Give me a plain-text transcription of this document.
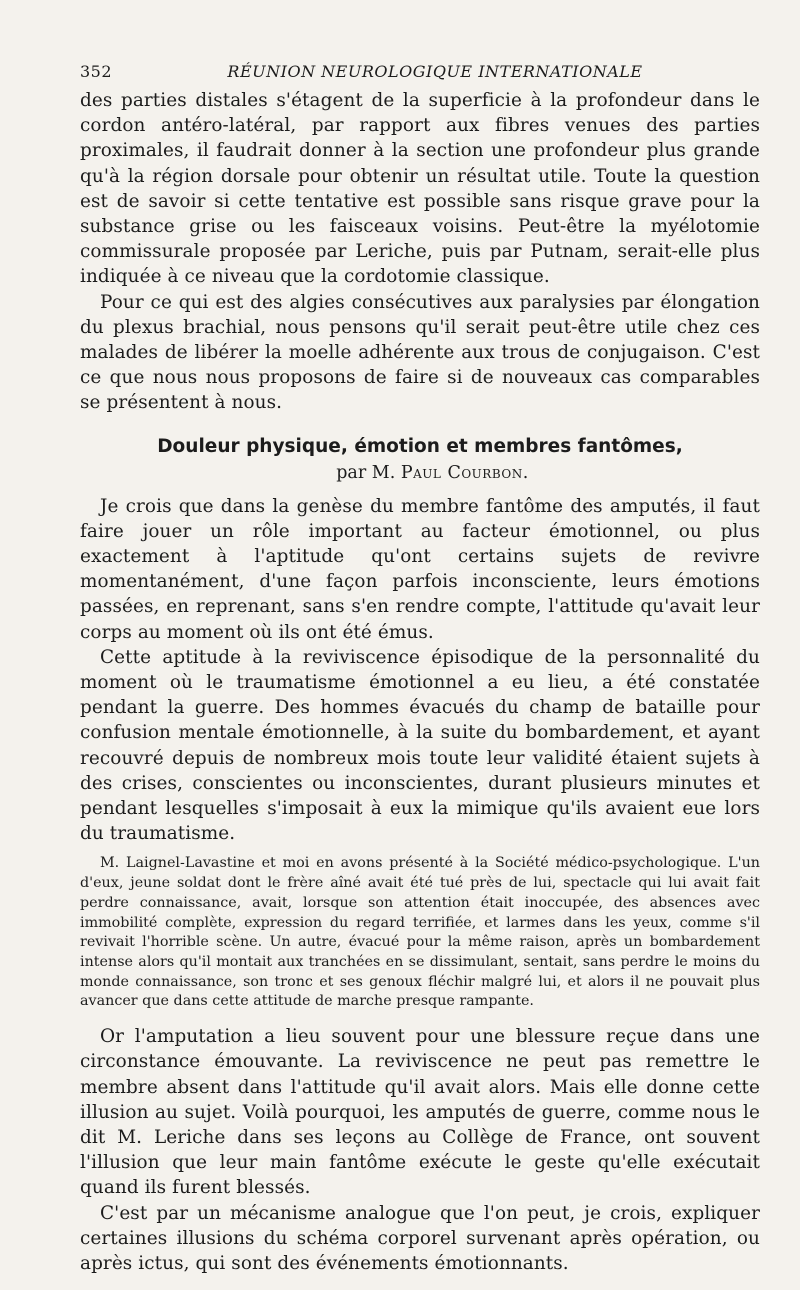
352	RÉUNION NEUROLOGIQUE INTERNATIONALE

des parties distales s'étagent de la superficie à la profondeur dans le cordon antéro-latéral, par rapport aux fibres venues des parties proximales, il faudrait donner à la section une profondeur plus grande qu'à la région dorsale pour obtenir un résultat utile. Toute la question est de savoir si cette tentative est possible sans risque grave pour la substance grise ou les faisceaux voisins. Peut-être la myélotomie commissurale proposée par Leriche, puis par Putnam, serait-elle plus indiquée à ce niveau que la cordotomie classique.

Pour ce qui est des algies consécutives aux paralysies par élongation du plexus brachial, nous pensons qu'il serait peut-être utile chez ces malades de libérer la moelle adhérente aux trous de conjugaison. C'est ce que nous nous proposons de faire si de nouveaux cas comparables se présentent à nous.

Douleur physique, émotion et membres fantômes,
par M. Paul Courbon.

Je crois que dans la genèse du membre fantôme des amputés, il faut faire jouer un rôle important au facteur émotionnel, ou plus exactement à l'aptitude qu'ont certains sujets de revivre momentanément, d'une façon parfois inconsciente, leurs émotions passées, en reprenant, sans s'en rendre compte, l'attitude qu'avait leur corps au moment où ils ont été émus.

Cette aptitude à la reviviscence épisodique de la personnalité du moment où le traumatisme émotionnel a eu lieu, a été constatée pendant la guerre. Des hommes évacués du champ de bataille pour confusion mentale émotionnelle, à la suite du bombardement, et ayant recouvré depuis de nombreux mois toute leur validité étaient sujets à des crises, conscientes ou inconscientes, durant plusieurs minutes et pendant lesquelles s'imposait à eux la mimique qu'ils avaient eue lors du traumatisme.

M. Laignel-Lavastine et moi en avons présenté à la Société médico-psychologique. L'un d'eux, jeune soldat dont le frère aîné avait été tué près de lui, spectacle qui lui avait fait perdre connaissance, avait, lorsque son attention était inoccupée, des absences avec immobilité complète, expression du regard terrifiée, et larmes dans les yeux, comme s'il revivait l'horrible scène. Un autre, évacué pour la même raison, après un bombardement intense alors qu'il montait aux tranchées en se dissimulant, sentait, sans perdre le moins du monde connaissance, son tronc et ses genoux fléchir malgré lui, et alors il ne pouvait plus avancer que dans cette attitude de marche presque rampante.

Or l'amputation a lieu souvent pour une blessure reçue dans une circonstance émouvante. La reviviscence ne peut pas remettre le membre absent dans l'attitude qu'il avait alors. Mais elle donne cette illusion au sujet. Voilà pourquoi, les amputés de guerre, comme nous le dit M. Leriche dans ses leçons au Collège de France, ont souvent l'illusion que leur main fantôme exécute le geste qu'elle exécutait quand ils furent blessés.

C'est par un mécanisme analogue que l'on peut, je crois, expliquer certaines illusions du schéma corporel survenant après opération, ou après ictus, qui sont des événements émotionnants.
